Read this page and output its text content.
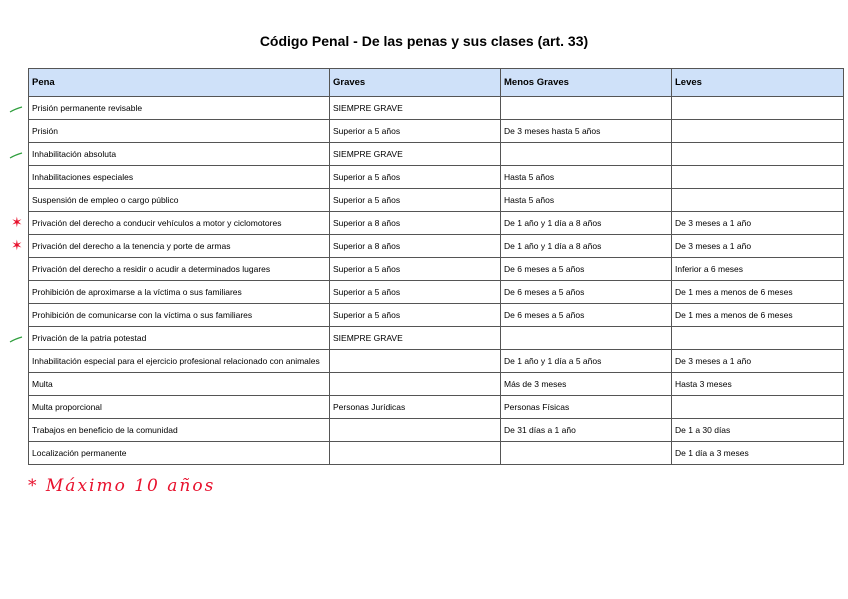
Código Penal - De las penas y sus clases (art. 33)
Pena	Graves	Menos Graves	Leves
Prisión permanente revisable	SIEMPRE GRAVE		
Prisión	Superior a 5 años	De 3 meses hasta 5 años	
Inhabilitación absoluta	SIEMPRE GRAVE		
Inhabilitaciones especiales	Superior a 5 años	Hasta 5 años	
Suspensión de empleo o cargo público	Superior a 5 años	Hasta 5 años	
Privación del derecho a conducir vehículos a motor y ciclomotores	Superior a 8 años	De 1 año y 1 día a 8 años	De 3 meses a 1 año
Privación del derecho a la tenencia y porte de armas	Superior a 8 años	De 1 año y 1 día a 8 años	De 3 meses a 1 año
Privación del derecho a residir o acudir a determinados lugares	Superior a 5 años	De 6 meses a 5 años	Inferior a 6 meses
Prohibición de aproximarse a la víctima o sus familiares	Superior a 5 años	De 6 meses a 5 años	De 1 mes a menos de 6 meses
Prohibición de comunicarse con la víctima o sus familiares	Superior a 5 años	De 6 meses a 5 años	De 1 mes a menos de 6 meses
Privación de la patria potestad	SIEMPRE GRAVE		
Inhabilitación especial para el ejercicio profesional relacionado con animales		De 1 año y 1 día a 5 años	De 3 meses a 1 año
Multa		Más de 3 meses	Hasta 3 meses
Multa proporcional	Personas Jurídicas	Personas Físicas	
Trabajos en beneficio de la comunidad		De 31 días a 1 año	De 1 a 30 días
Localización permanente			De 1 día a 3 meses
✶
✶
* Máximo 10 años
